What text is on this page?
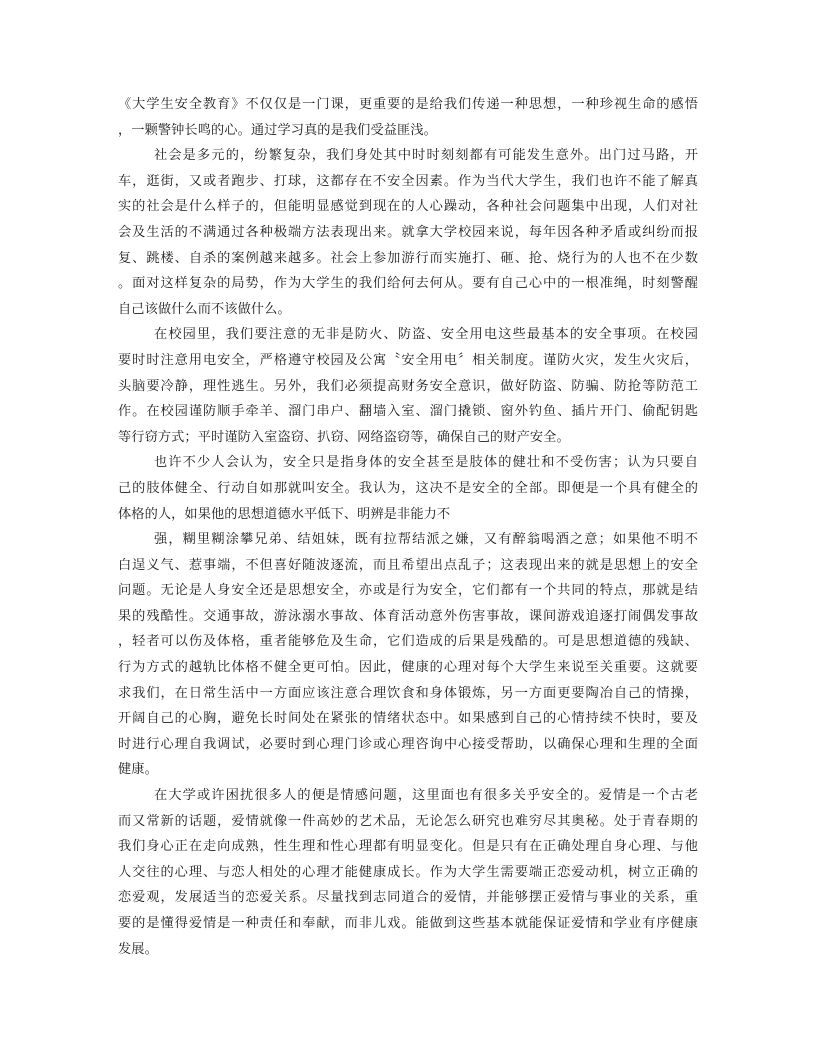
《大学生安全教育》不仅仅是一门课，更重要的是给我们传递一种思想，一种珍视生命的感悟
，一颗警钟长鸣的心。通过学习真的是我们受益匪浅。
社会是多元的，纷繁复杂，我们身处其中时时刻刻都有可能发生意外。出门过马路，开
车，逛街，又或者跑步、打球，这都存在不安全因素。作为当代大学生，我们也许不能了解真
实的社会是什么样子的，但能明显感觉到现在的人心躁动，各种社会问题集中出现，人们对社
会及生活的不满通过各种极端方法表现出来。就拿大学校园来说，每年因各种矛盾或纠纷而报
复、跳楼、自杀的案例越来越多。社会上参加游行而实施打、砸、抢、烧行为的人也不在少数
。面对这样复杂的局势，作为大学生的我们给何去何从。要有自己心中的一根准绳，时刻警醒
自己该做什么而不该做什么。
在校园里，我们要注意的无非是防火、防盗、安全用电这些最基本的安全事项。在校园
要时时注意用电安全，严格遵守校园及公寓〝安全用电〞相关制度。谨防火灾，发生火灾后，
头脑要冷静，理性逃生。另外，我们必须提高财务安全意识，做好防盗、防骗、防抢等防范工
作。在校园谨防顺手牵羊、溜门串户、翻墙入室、溜门撬锁、窗外钓鱼、插片开门、偷配钥匙
等行窃方式；平时谨防入室盗窃、扒窃、网络盗窃等，确保自己的财产安全。
也许不少人会认为，安全只是指身体的安全甚至是肢体的健壮和不受伤害；认为只要自
己的肢体健全、行动自如那就叫安全。我认为，这决不是安全的全部。即便是一个具有健全的
体格的人，如果他的思想道德水平低下、明辨是非能力不
强，糊里糊涂攀兄弟、结姐妹，既有拉帮结派之嫌，又有醉翁喝酒之意；如果他不明不
白逞义气、惹事端，不但喜好随波逐流，而且希望出点乱子；这表现出来的就是思想上的安全
问题。无论是人身安全还是思想安全，亦或是行为安全，它们都有一个共同的特点，那就是结
果的残酷性。交通事故，游泳溺水事故、体育活动意外伤害事故，课间游戏追逐打闹偶发事故
，轻者可以伤及体格，重者能够危及生命，它们造成的后果是残酷的。可是思想道德的残缺、
行为方式的越轨比体格不健全更可怕。因此，健康的心理对每个大学生来说至关重要。这就要
求我们，在日常生活中一方面应该注意合理饮食和身体锻炼，另一方面更要陶冶自己的情操，
开阔自己的心胸，避免长时间处在紧张的情绪状态中。如果感到自己的心情持续不快时，要及
时进行心理自我调试，必要时到心理门诊或心理咨询中心接受帮助，以确保心理和生理的全面
健康。
在大学或许困扰很多人的便是情感问题，这里面也有很多关乎安全的。爱情是一个古老
而又常新的话题，爱情就像一件高妙的艺术品，无论怎么研究也难穷尽其奥秘。处于青春期的
我们身心正在走向成熟，性生理和性心理都有明显变化。但是只有在正确处理自身心理、与他
人交往的心理、与恋人相处的心理才能健康成长。作为大学生需要端正恋爱动机，树立正确的
恋爱观，发展适当的恋爱关系。尽量找到志同道合的爱情，并能够摆正爱情与事业的关系，重
要的是懂得爱情是一种责任和奉献，而非儿戏。能做到这些基本就能保证爱情和学业有序健康
发展。
